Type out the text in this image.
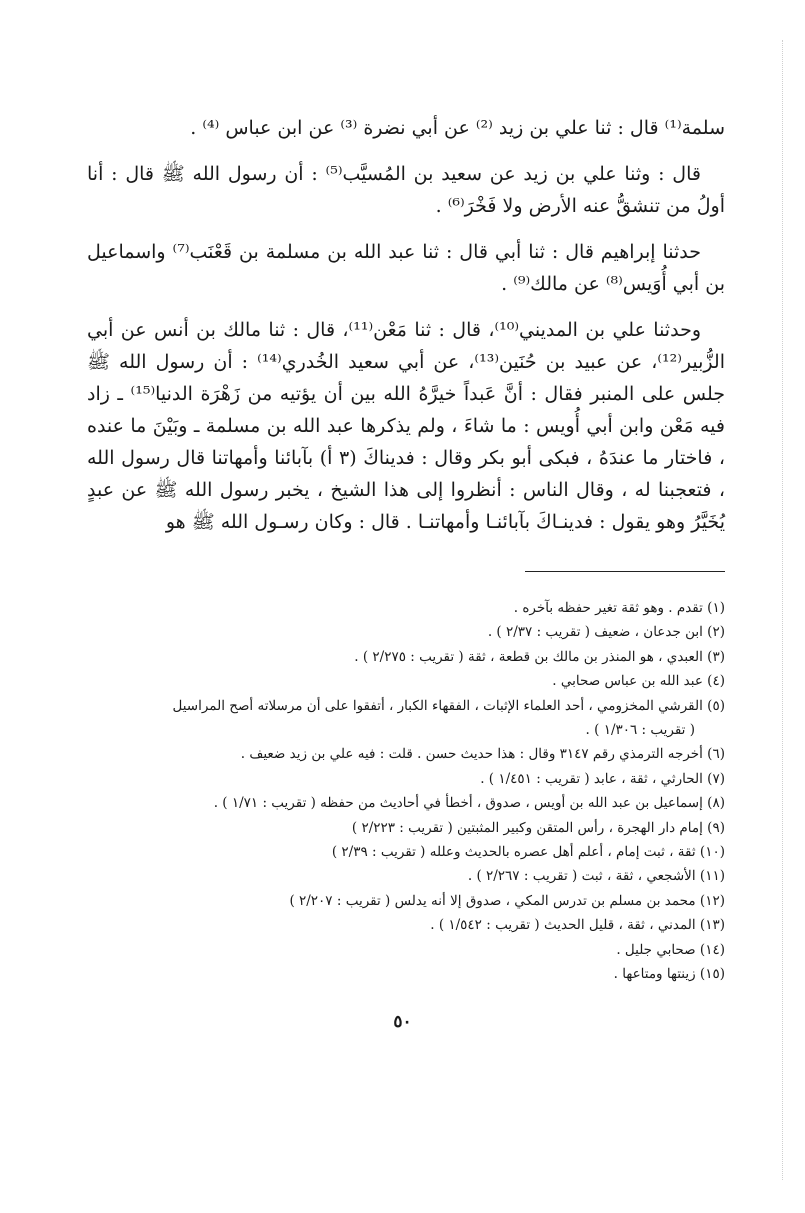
سلمة⁽¹⁾ قال : ثنا علي بن زيد ⁽²⁾ عن أبي نضرة ⁽³⁾ عن ابن عباس ⁽⁴⁾ .

قال : وثنا علي بن زيد عن سعيد بن المُسيَّب⁽⁵⁾ : أن رسول الله ﷺ قال : أنا أولُ من تنشقُّ عنه الأرض ولا فَخْرَ⁽⁶⁾ .

حدثنا إبراهيم قال : ثنا أبي قال : ثنا عبد الله بن مسلمة بن قَعْنَب⁽⁷⁾ واسماعيل بن أبي أُوَيس⁽⁸⁾ عن مالك⁽⁹⁾ .

وحدثنا علي بن المديني⁽¹⁰⁾، قال : ثنا مَعْن⁽¹¹⁾، قال : ثنا مالك بن أنس عن أبي الزُّبير⁽¹²⁾، عن عبيد بن حُنَين⁽¹³⁾، عن أبي سعيد الخُدري⁽¹⁴⁾ : أن رسول الله ﷺ جلس على المنبر فقال : أنَّ عَبداً خيرَّهُ الله بين أن يؤتيه من زَهْرَة الدنيا⁽¹⁵⁾ ـ زاد فيه مَعْن وابن أبي أُويس : ما شاءَ ، ولم يذكرها عبد الله بن مسلمة ـ وبَيْنَ ما عنده ، فاختار ما عندَهُ ، فبكى أبو بكر وقال : فديناكَ (٣ أ) بآبائنا وأمهاتنا قال رسول الله ، فتعجبنا له ، وقال الناس : أنظروا إلى هذا الشيخ ، يخبر رسول الله ﷺ عن عبدٍ يُخَيَّرُ وهو يقول : فدينـاكَ بآبائنـا وأمهاتنـا . قال : وكان رسـول الله ﷺ هو

(١) تقدم . وهو ثقة تغير حفظه بآخره .
(٢) ابن جدعان ، ضعيف ( تقريب : ٢/٣٧ ) .
(٣) العبدي ، هو المنذر بن مالك بن قطعة ، ثقة ( تقريب : ٢/٢٧٥ ) .
(٤) عبد الله بن عباس صحابي .
(٥) القرشي المخزومي ، أحد العلماء الإثبات ، الفقهاء الكبار ، أتفقوا على أن مرسلاته أصح المراسيل
( تقريب : ١/٣٠٦ ) .
(٦) أخرجه الترمذي رقم ٣١٤٧ وقال : هذا حديث حسن . قلت : فيه علي بن زيد ضعيف .
(٧) الحارثي ، ثقة ، عابد ( تقريب : ١/٤٥١ ) .
(٨) إسماعيل بن عبد الله بن أويس ، صدوق ، أخطأ في أحاديث من حفظه ( تقريب : ١/٧١ ) .
(٩) إمام دار الهجرة ، رأس المتقن وكبير المثبتين ( تقريب : ٢/٢٢٣ )
(١٠) ثقة ، ثبت إمام ، أعلم أهل عصره بالحديث وعلله ( تقريب : ٢/٣٩ )
(١١) الأشجعي ، ثقة ، ثبت ( تقريب : ٢/٢٦٧ ) .
(١٢) محمد بن مسلم بن تدرس المكي ، صدوق إلا أنه يدلس ( تقريب : ٢/٢٠٧ )
(١٣) المدني ، ثقة ، قليل الحديث ( تقريب : ١/٥٤٢ ) .
(١٤) صحابي جليل .
(١٥) زينتها ومتاعها .
٥٠
